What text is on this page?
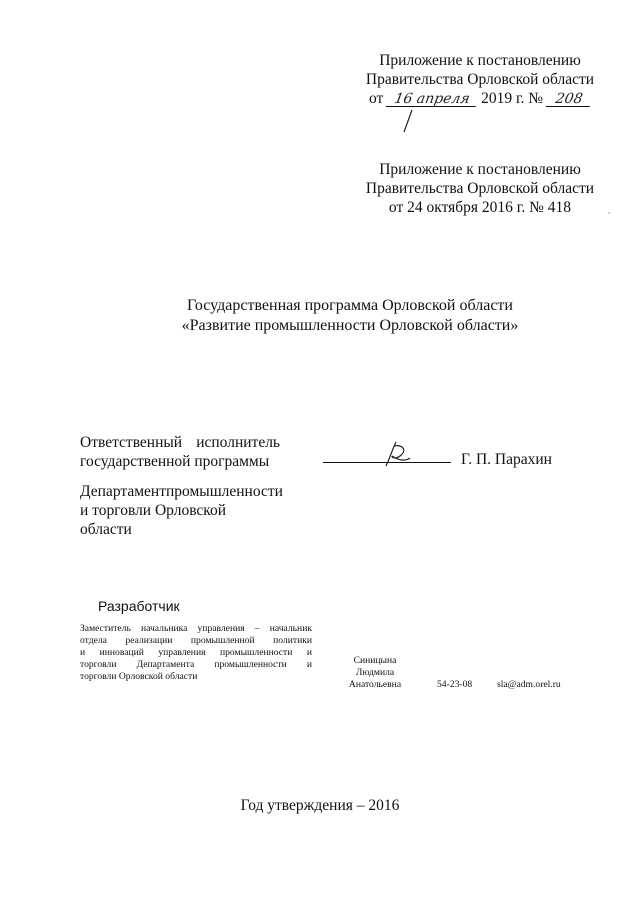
Приложение к постановлению
Правительства Орловской области
от 16 апреля 2019 г. № 208
Приложение к постановлению
Правительства Орловской области
от 24 октября 2016 г. № 418
Государственная программа Орловской области
«Развитие промышленности Орловской области»
Ответственный исполнитель
государственной программы	Г. П. Парахин
Департамент промышленности
и торговли Орловской области
Разработчик
Заместитель начальника управления – начальник
отдела реализации промышленной политики
и инноваций управления промышленности и
торговли Департамента промышленности и
торговли Орловской области
Синицына
Людмила
Анатольевна	54-23-08	sla@adm.orel.ru
Год утверждения – 2016
